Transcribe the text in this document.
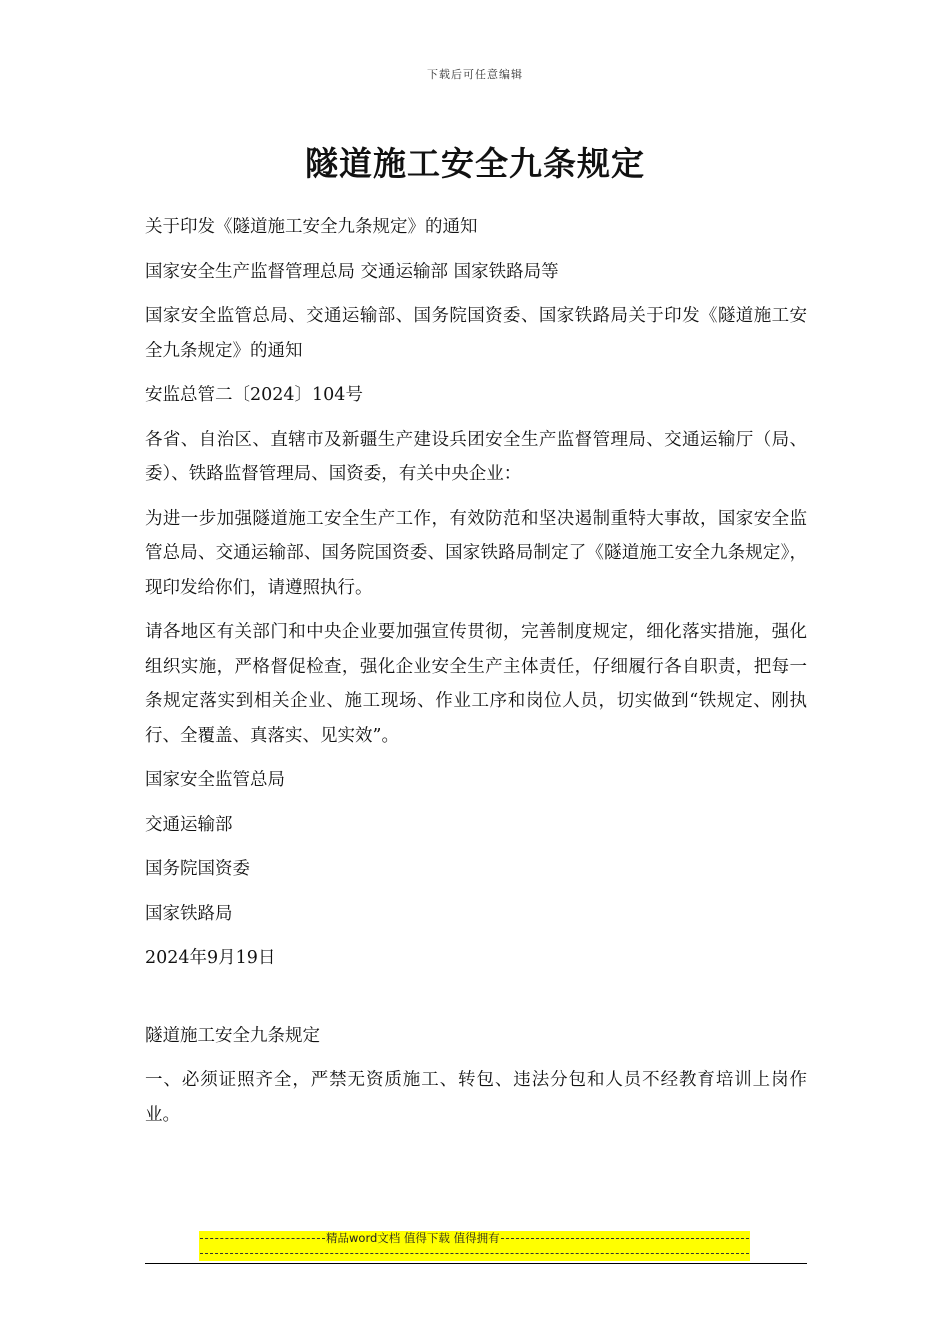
下载后可任意编辑
隧道施工安全九条规定

关于印发《隧道施工安全九条规定》的通知

国家安全生产监督管理总局 交通运输部 国家铁路局等

国家安全监管总局、交通运输部、国务院国资委、国家铁路局关于印发《隧道施工安全九条规定》的通知

安监总管二〔2024〕104号

各省、自治区、直辖市及新疆生产建设兵团安全生产监督管理局、交通运输厅（局、委）、铁路监督管理局、国资委，有关中央企业：

为进一步加强隧道施工安全生产工作，有效防范和坚决遏制重特大事故，国家安全监管总局、交通运输部、国务院国资委、国家铁路局制定了《隧道施工安全九条规定》，现印发给你们，请遵照执行。

请各地区有关部门和中央企业要加强宣传贯彻，完善制度规定，细化落实措施，强化组织实施，严格督促检查，强化企业安全生产主体责任，仔细履行各自职责，把每一条规定落实到相关企业、施工现场、作业工序和岗位人员，切实做到“铁规定、刚执行、全覆盖、真落实、见实效”。

国家安全监管总局

交通运输部

国务院国资委

国家铁路局

2024年9月19日

隧道施工安全九条规定

一、必须证照齐全，严禁无资质施工、转包、违法分包和人员不经教育培训上岗作业。

精品word文档 值得下载 值得拥有
